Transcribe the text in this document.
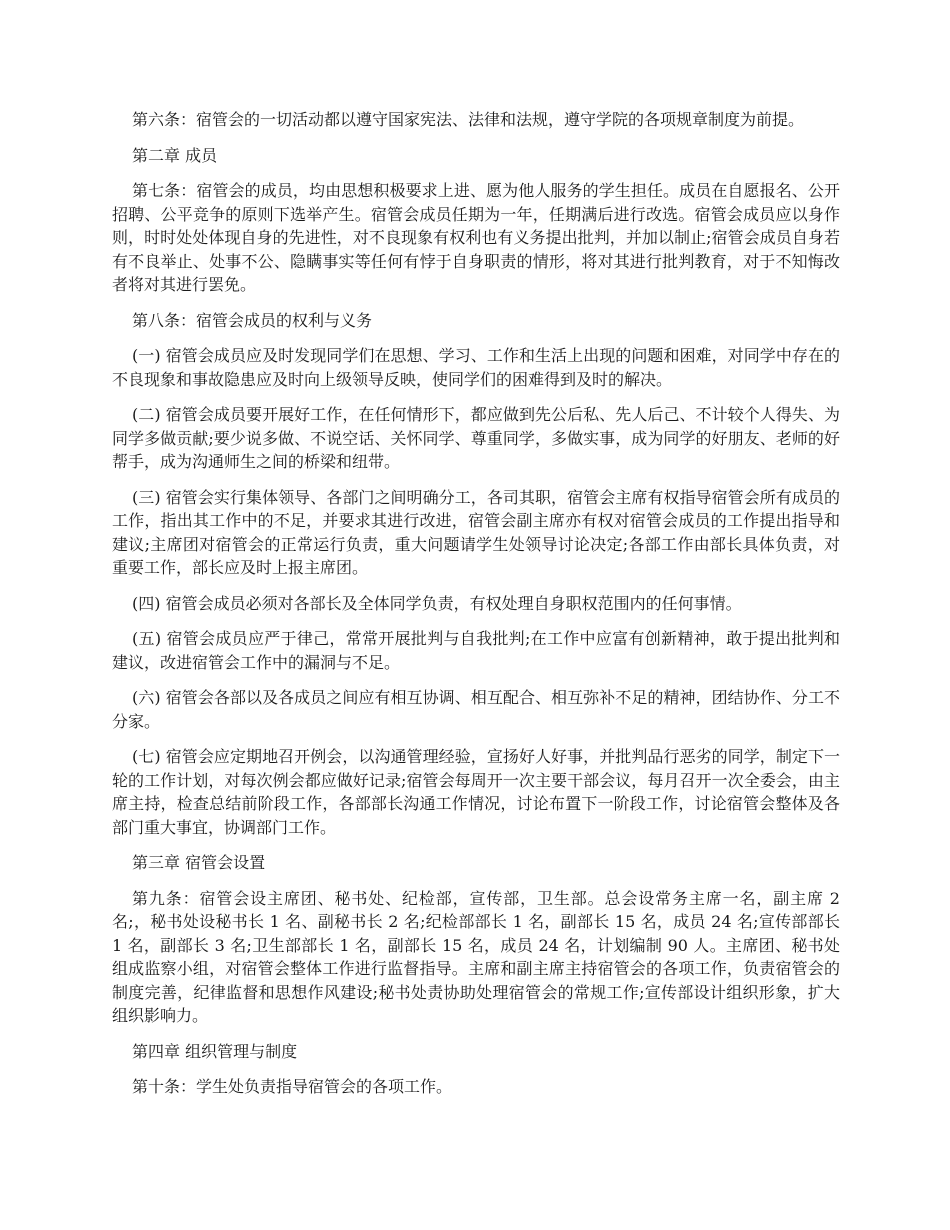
第六条：宿管会的一切活动都以遵守国家宪法、法律和法规，遵守学院的各项规章制度为前提。

第二章 成员

第七条：宿管会的成员，均由思想积极要求上进、愿为他人服务的学生担任。成员在自愿报名、公开招聘、公平竞争的原则下选举产生。宿管会成员任期为一年，任期满后进行改选。宿管会成员应以身作则，时时处处体现自身的先进性，对不良现象有权利也有义务提出批判，并加以制止;宿管会成员自身若有不良举止、处事不公、隐瞒事实等任何有悖于自身职责的情形，将对其进行批判教育，对于不知悔改者将对其进行罢免。

第八条：宿管会成员的权利与义务

(一) 宿管会成员应及时发现同学们在思想、学习、工作和生活上出现的问题和困难，对同学中存在的不良现象和事故隐患应及时向上级领导反映，使同学们的困难得到及时的解决。

(二) 宿管会成员要开展好工作，在任何情形下，都应做到先公后私、先人后己、不计较个人得失、为同学多做贡献;要少说多做、不说空话、关怀同学、尊重同学，多做实事，成为同学的好朋友、老师的好帮手，成为沟通师生之间的桥梁和纽带。

(三) 宿管会实行集体领导、各部门之间明确分工，各司其职，宿管会主席有权指导宿管会所有成员的工作，指出其工作中的不足，并要求其进行改进，宿管会副主席亦有权对宿管会成员的工作提出指导和建议;主席团对宿管会的正常运行负责，重大问题请学生处领导讨论决定;各部工作由部长具体负责，对重要工作，部长应及时上报主席团。

(四) 宿管会成员必须对各部长及全体同学负责，有权处理自身职权范围内的任何事情。

(五) 宿管会成员应严于律己，常常开展批判与自我批判;在工作中应富有创新精神，敢于提出批判和建议，改进宿管会工作中的漏洞与不足。

(六) 宿管会各部以及各成员之间应有相互协调、相互配合、相互弥补不足的精神，团结协作、分工不分家。

(七) 宿管会应定期地召开例会，以沟通管理经验，宣扬好人好事，并批判品行恶劣的同学，制定下一轮的工作计划，对每次例会都应做好记录;宿管会每周开一次主要干部会议，每月召开一次全委会，由主席主持，检查总结前阶段工作，各部部长沟通工作情况，讨论布置下一阶段工作，讨论宿管会整体及各部门重大事宜，协调部门工作。

第三章 宿管会设置

第九条：宿管会设主席团、秘书处、纪检部，宣传部，卫生部。总会设常务主席一名，副主席 2 名;，秘书处设秘书长 1 名、副秘书长 2 名;纪检部部长 1 名，副部长 15 名，成员 24 名;宣传部部长 1 名，副部长 3 名;卫生部部长 1 名，副部长 15 名，成员 24 名，计划编制 90 人。主席团、秘书处组成监察小组，对宿管会整体工作进行监督指导。主席和副主席主持宿管会的各项工作，负责宿管会的制度完善，纪律监督和思想作风建设;秘书处责协助处理宿管会的常规工作;宣传部设计组织形象，扩大组织影响力。

第四章 组织管理与制度

第十条：学生处负责指导宿管会的各项工作。
